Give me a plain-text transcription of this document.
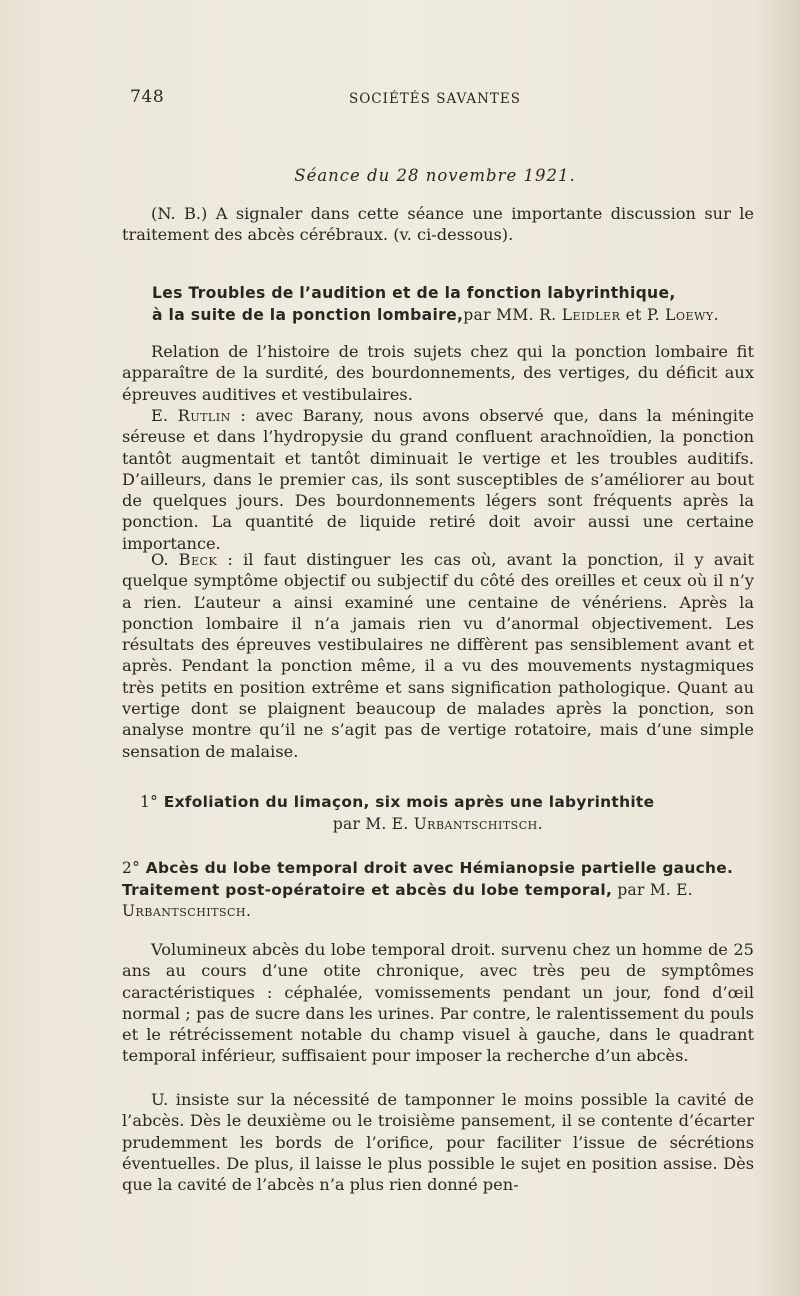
748	SOCIÉTÉS SAVANTES
Séance du 28 novembre 1921.
(N. B.) A signaler dans cette séance une importante discussion sur le traitement des abcès cérébraux. (v. ci-dessous).
Les Troubles de l’audition et de la fonction labyrinthique,
à la suite de la ponction lombaire,par MM. R. Leidler et P. Loewy.
Relation de l’histoire de trois sujets chez qui la ponction lombaire fit apparaître de la surdité, des bourdonnements, des vertiges, du déficit aux épreuves auditives et vestibulaires.
E. Rutlin : avec Barany, nous avons observé que, dans la méningite séreuse et dans l’hydropysie du grand confluent arachnoïdien, la ponction tantôt augmentait et tantôt diminuait le vertige et les troubles auditifs. D’ailleurs, dans le premier cas, ils sont susceptibles de s’améliorer au bout de quelques jours. Des bourdonnements légers sont fréquents après la ponction. La quantité de liquide retiré doit avoir aussi une certaine importance.
O. Beck : il faut distinguer les cas où, avant la ponction, il y avait quelque symptôme objectif ou subjectif du côté des oreilles et ceux où il n’y a rien. L’auteur a ainsi examiné une centaine de vénériens. Après la ponction lombaire il n’a jamais rien vu d’anormal objectivement. Les résultats des épreuves vestibulaires ne diffèrent pas sensiblement avant et après. Pendant la ponction même, il a vu des mouvements nystagmiques très petits en position extrême et sans signification pathologique. Quant au vertige dont se plaignent beaucoup de malades après la ponction, son analyse montre qu’il ne s’agit pas de vertige rotatoire, mais d’une simple sensation de malaise.
1° Exfoliation du limaçon, six mois après une labyrinthite
par M. E. Urbantschitsch.
2° Abcès du lobe temporal droit avec Hémianopsie partielle gauche. Traitement post-opératoire et abcès du lobe temporal, par M. E. Urbantschitsch.
Volumineux abcès du lobe temporal droit. survenu chez un homme de 25 ans au cours d’une otite chronique, avec très peu de symptômes caractéristiques : céphalée, vomissements pendant un jour, fond d’œil normal ; pas de sucre dans les urines. Par contre, le ralentissement du pouls et le rétrécissement notable du champ visuel à gauche, dans le quadrant temporal inférieur, suffisaient pour imposer la recherche d’un abcès.
U. insiste sur la nécessité de tamponner le moins possible la cavité de l’abcès. Dès le deuxième ou le troisième pansement, il se contente d’écarter prudemment les bords de l’orifice, pour faciliter l’issue de sécrétions éventuelles. De plus, il laisse le plus possible le sujet en position assise. Dès que la cavité de l’abcès n’a plus rien donné pen-
